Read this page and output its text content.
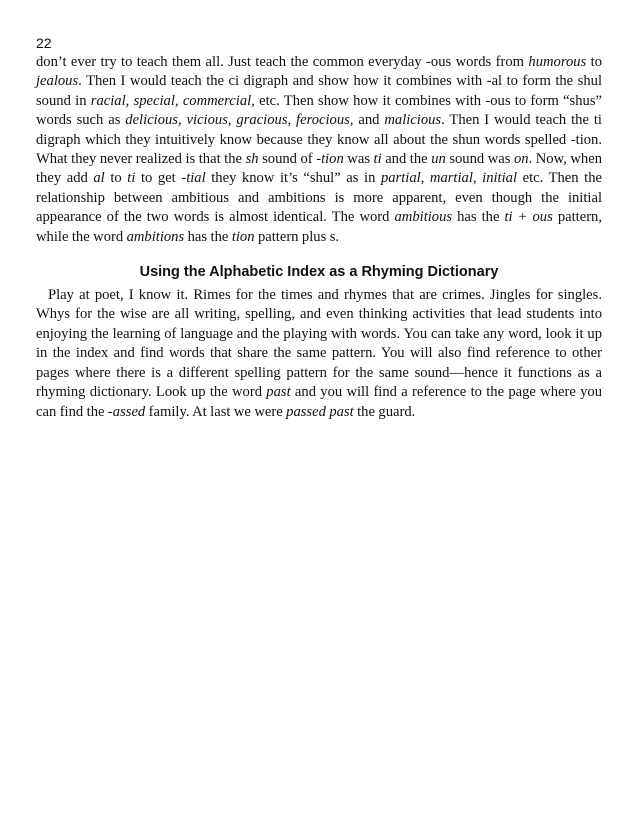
22

don’t ever try to teach them all. Just teach the common everyday -ous words from humorous to jealous. Then I would teach the ci digraph and show how it combines with -al to form the shul sound in racial, special, commercial, etc. Then show how it combines with -ous to form “shus” words such as delicious, vicious, gracious, ferocious, and malicious. Then I would teach the ti digraph which they intuitively know because they know all about the shun words spelled -tion. What they never realized is that the sh sound of -tion was ti and the un sound was on. Now, when they add al to ti to get -tial they know it’s “shul” as in partial, martial, initial etc. Then the relationship between ambitious and ambitions is more apparent, even though the initial appearance of the two words is almost identical. The word ambitious has the ti + ous pattern, while the word ambitions has the tion pattern plus s.

Using the Alphabetic Index as a Rhyming Dictionary

Play at poet, I know it. Rimes for the times and rhymes that are crimes. Jingles for singles. Whys for the wise are all writing, spelling, and even thinking activities that lead students into enjoying the learning of language and the playing with words. You can take any word, look it up in the index and find words that share the same pattern. You will also find reference to other pages where there is a different spelling pattern for the same sound—hence it functions as a rhyming dictionary. Look up the word past and you will find a reference to the page where you can find the -assed family. At last we were passed past the guard.
